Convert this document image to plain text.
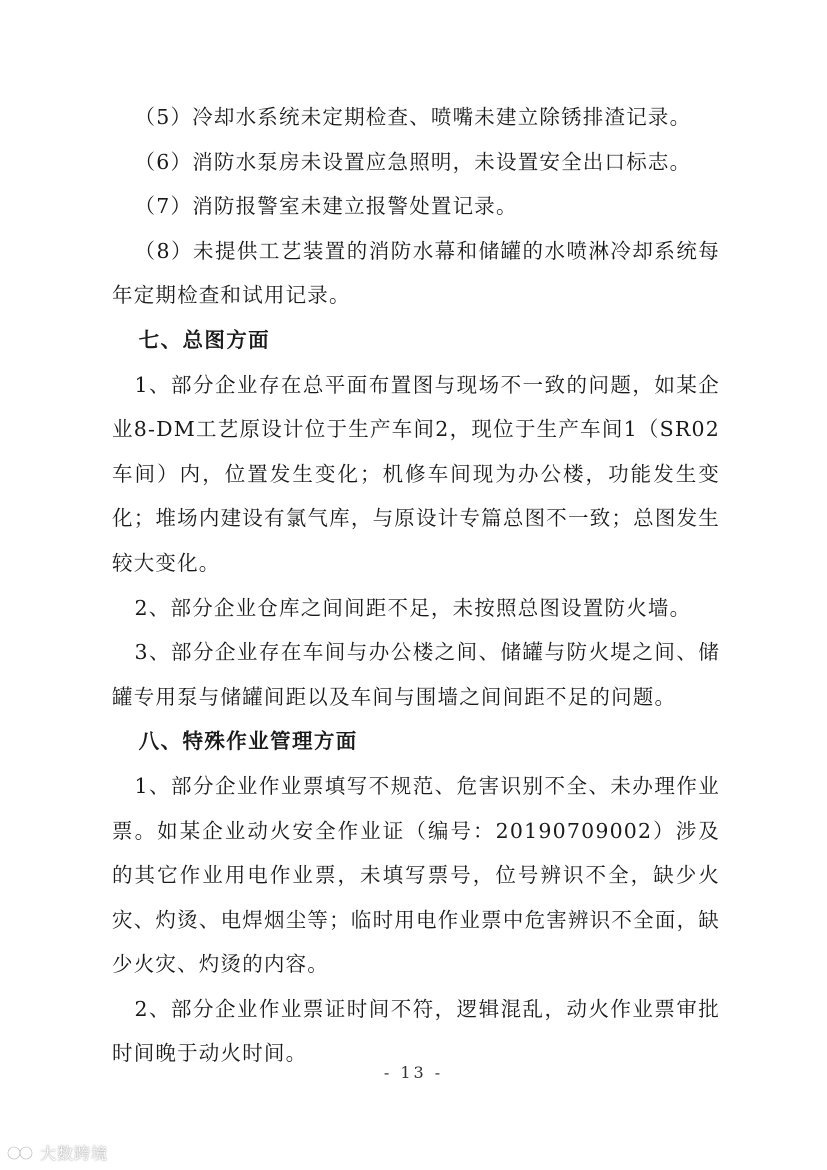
（5）冷却水系统未定期检查、喷嘴未建立除锈排渣记录。

（6）消防水泵房未设置应急照明，未设置安全出口标志。

（7）消防报警室未建立报警处置记录。

（8）未提供工艺装置的消防水幕和储罐的水喷淋冷却系统每年定期检查和试用记录。

七、总图方面

1、部分企业存在总平面布置图与现场不一致的问题，如某企业8-DM工艺原设计位于生产车间2，现位于生产车间1（SR02车间）内，位置发生变化；机修车间现为办公楼，功能发生变化；堆场内建设有氯气库，与原设计专篇总图不一致；总图发生较大变化。

2、部分企业仓库之间间距不足，未按照总图设置防火墙。

3、部分企业存在车间与办公楼之间、储罐与防火堤之间、储罐专用泵与储罐间距以及车间与围墙之间间距不足的问题。

八、特殊作业管理方面

1、部分企业作业票填写不规范、危害识别不全、未办理作业票。如某企业动火安全作业证（编号：20190709002）涉及的其它作业用电作业票，未填写票号，位号辨识不全，缺少火灾、灼烫、电焊烟尘等；临时用电作业票中危害辨识不全面，缺少火灾、灼烫的内容。

2、部分企业作业票证时间不符，逻辑混乱，动火作业票审批时间晚于动火时间。

- 13 -
大数跨境
